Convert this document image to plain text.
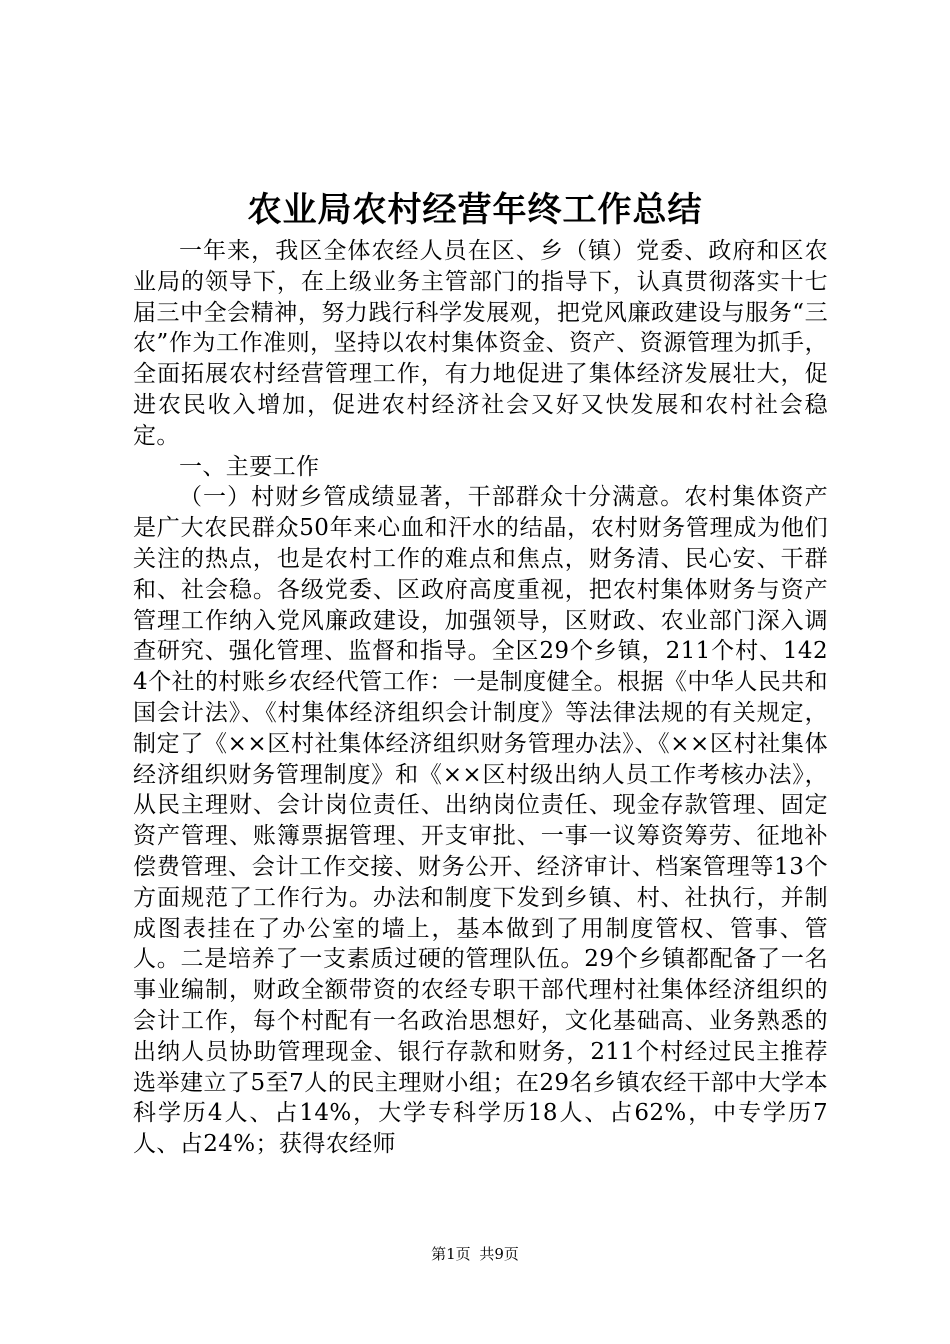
农业局农村经营年终工作总结

一年来，我区全体农经人员在区、乡（镇）党委、政府和区农业局的领导下，在上级业务主管部门的指导下，认真贯彻落实十七届三中全会精神，努力践行科学发展观，把党风廉政建设与服务“三农”作为工作准则，坚持以农村集体资金、资产、资源管理为抓手，全面拓展农村经营管理工作，有力地促进了集体经济发展壮大，促进农民收入增加，促进农村经济社会又好又快发展和农村社会稳定。

一、主要工作

（一）村财乡管成绩显著，干部群众十分满意。农村集体资产是广大农民群众50年来心血和汗水的结晶，农村财务管理成为他们关注的热点，也是农村工作的难点和焦点，财务清、民心安、干群和、社会稳。各级党委、区政府高度重视，把农村集体财务与资产管理工作纳入党风廉政建设，加强领导，区财政、农业部门深入调查研究、强化管理、监督和指导。全区29个乡镇，211个村、1424个社的村账乡农经代管工作：一是制度健全。根据《中华人民共和国会计法》、《村集体经济组织会计制度》等法律法规的有关规定，制定了《××区村社集体经济组织财务管理办法》、《××区村社集体经济组织财务管理制度》和《××区村级出纳人员工作考核办法》，从民主理财、会计岗位责任、出纳岗位责任、现金存款管理、固定资产管理、账簿票据管理、开支审批、一事一议筹资筹劳、征地补偿费管理、会计工作交接、财务公开、经济审计、档案管理等13个方面规范了工作行为。办法和制度下发到乡镇、村、社执行，并制成图表挂在了办公室的墙上，基本做到了用制度管权、管事、管人。二是培养了一支素质过硬的管理队伍。29个乡镇都配备了一名事业编制，财政全额带资的农经专职干部代理村社集体经济组织的会计工作，每个村配有一名政治思想好，文化基础高、业务熟悉的出纳人员协助管理现金、银行存款和财务，211个村经过民主推荐选举建立了5至7人的民主理财小组；在29名乡镇农经干部中大学本科学历4人、占14%，大学专科学历18人、占62%，中专学历7人、占24%；获得农经师

第1页 共9页
